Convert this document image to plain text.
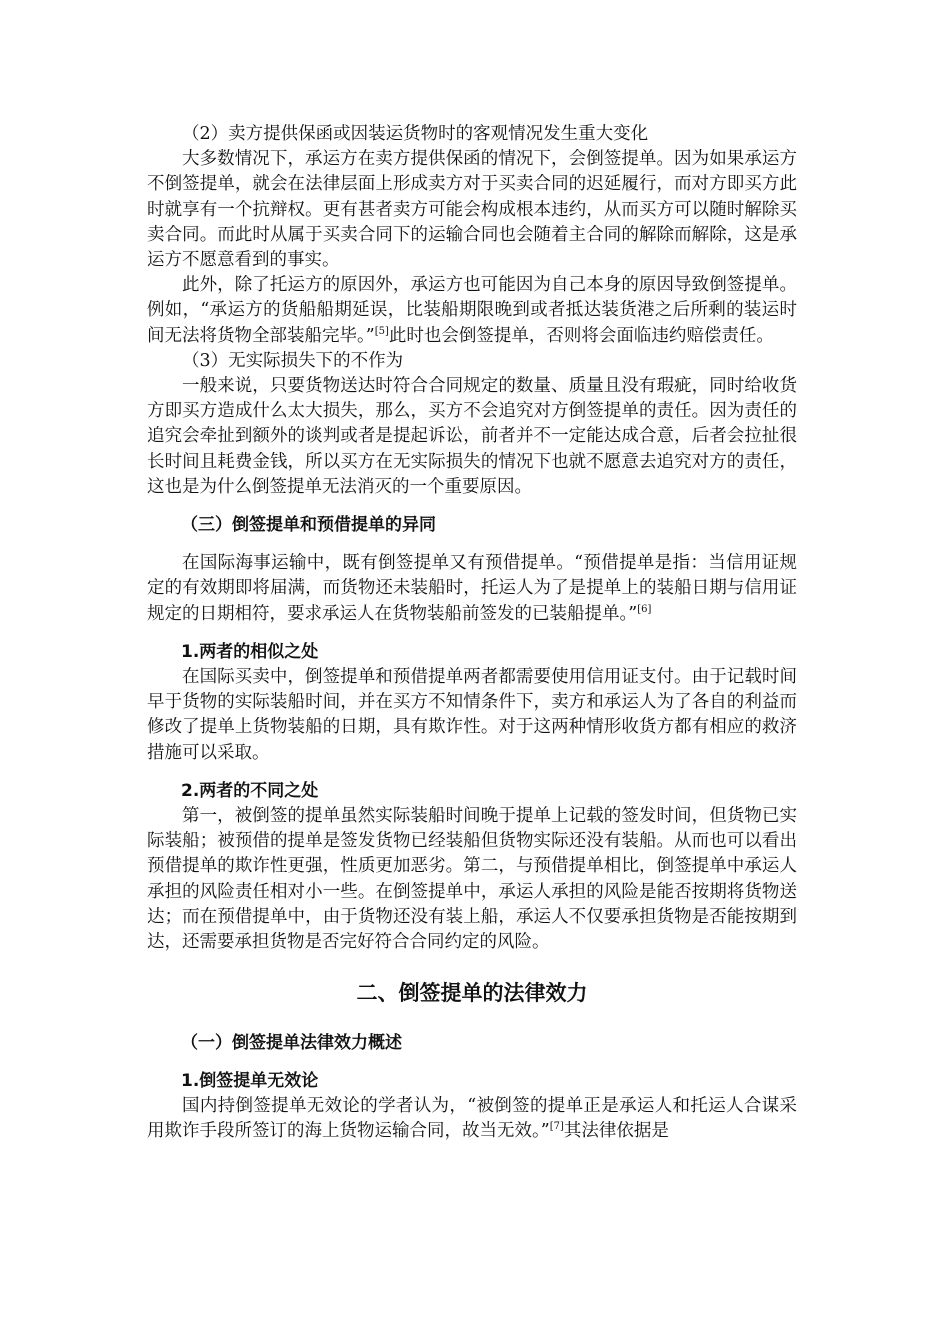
（2）卖方提供保函或因装运货物时的客观情况发生重大变化

大多数情况下，承运方在卖方提供保函的情况下，会倒签提单。因为如果承运方不倒签提单，就会在法律层面上形成卖方对于买卖合同的迟延履行，而对方即买方此时就享有一个抗辩权。更有甚者卖方可能会构成根本违约，从而买方可以随时解除买卖合同。而此时从属于买卖合同下的运输合同也会随着主合同的解除而解除，这是承运方不愿意看到的事实。

此外，除了托运方的原因外，承运方也可能因为自己本身的原因导致倒签提单。例如，“承运方的货船船期延误，比装船期限晚到或者抵达装货港之后所剩的装运时间无法将货物全部装船完毕。”[5]此时也会倒签提单，否则将会面临违约赔偿责任。

（3）无实际损失下的不作为

一般来说，只要货物送达时符合合同规定的数量、质量且没有瑕疵，同时给收货方即买方造成什么太大损失，那么，买方不会追究对方倒签提单的责任。因为责任的追究会牵扯到额外的谈判或者是提起诉讼，前者并不一定能达成合意，后者会拉扯很长时间且耗费金钱，所以买方在无实际损失的情况下也就不愿意去追究对方的责任，这也是为什么倒签提单无法消灭的一个重要原因。

（三）倒签提单和预借提单的异同

在国际海事运输中，既有倒签提单又有预借提单。“预借提单是指：当信用证规定的有效期即将届满，而货物还未装船时，托运人为了是提单上的装船日期与信用证规定的日期相符，要求承运人在货物装船前签发的已装船提单。”[6]

1.两者的相似之处

在国际买卖中，倒签提单和预借提单两者都需要使用信用证支付。由于记载时间早于货物的实际装船时间，并在买方不知情条件下，卖方和承运人为了各自的利益而修改了提单上货物装船的日期，具有欺诈性。对于这两种情形收货方都有相应的救济措施可以采取。

2.两者的不同之处

第一，被倒签的提单虽然实际装船时间晚于提单上记载的签发时间，但货物已实际装船；被预借的提单是签发货物已经装船但货物实际还没有装船。从而也可以看出预借提单的欺诈性更强，性质更加恶劣。第二，与预借提单相比，倒签提单中承运人承担的风险责任相对小一些。在倒签提单中，承运人承担的风险是能否按期将货物送达；而在预借提单中，由于货物还没有装上船，承运人不仅要承担货物是否能按期到达，还需要承担货物是否完好符合合同约定的风险。

二、倒签提单的法律效力

（一）倒签提单法律效力概述

1.倒签提单无效论

国内持倒签提单无效论的学者认为，“被倒签的提单正是承运人和托运人合谋采用欺诈手段所签订的海上货物运输合同，故当无效。”[7]其法律依据是
